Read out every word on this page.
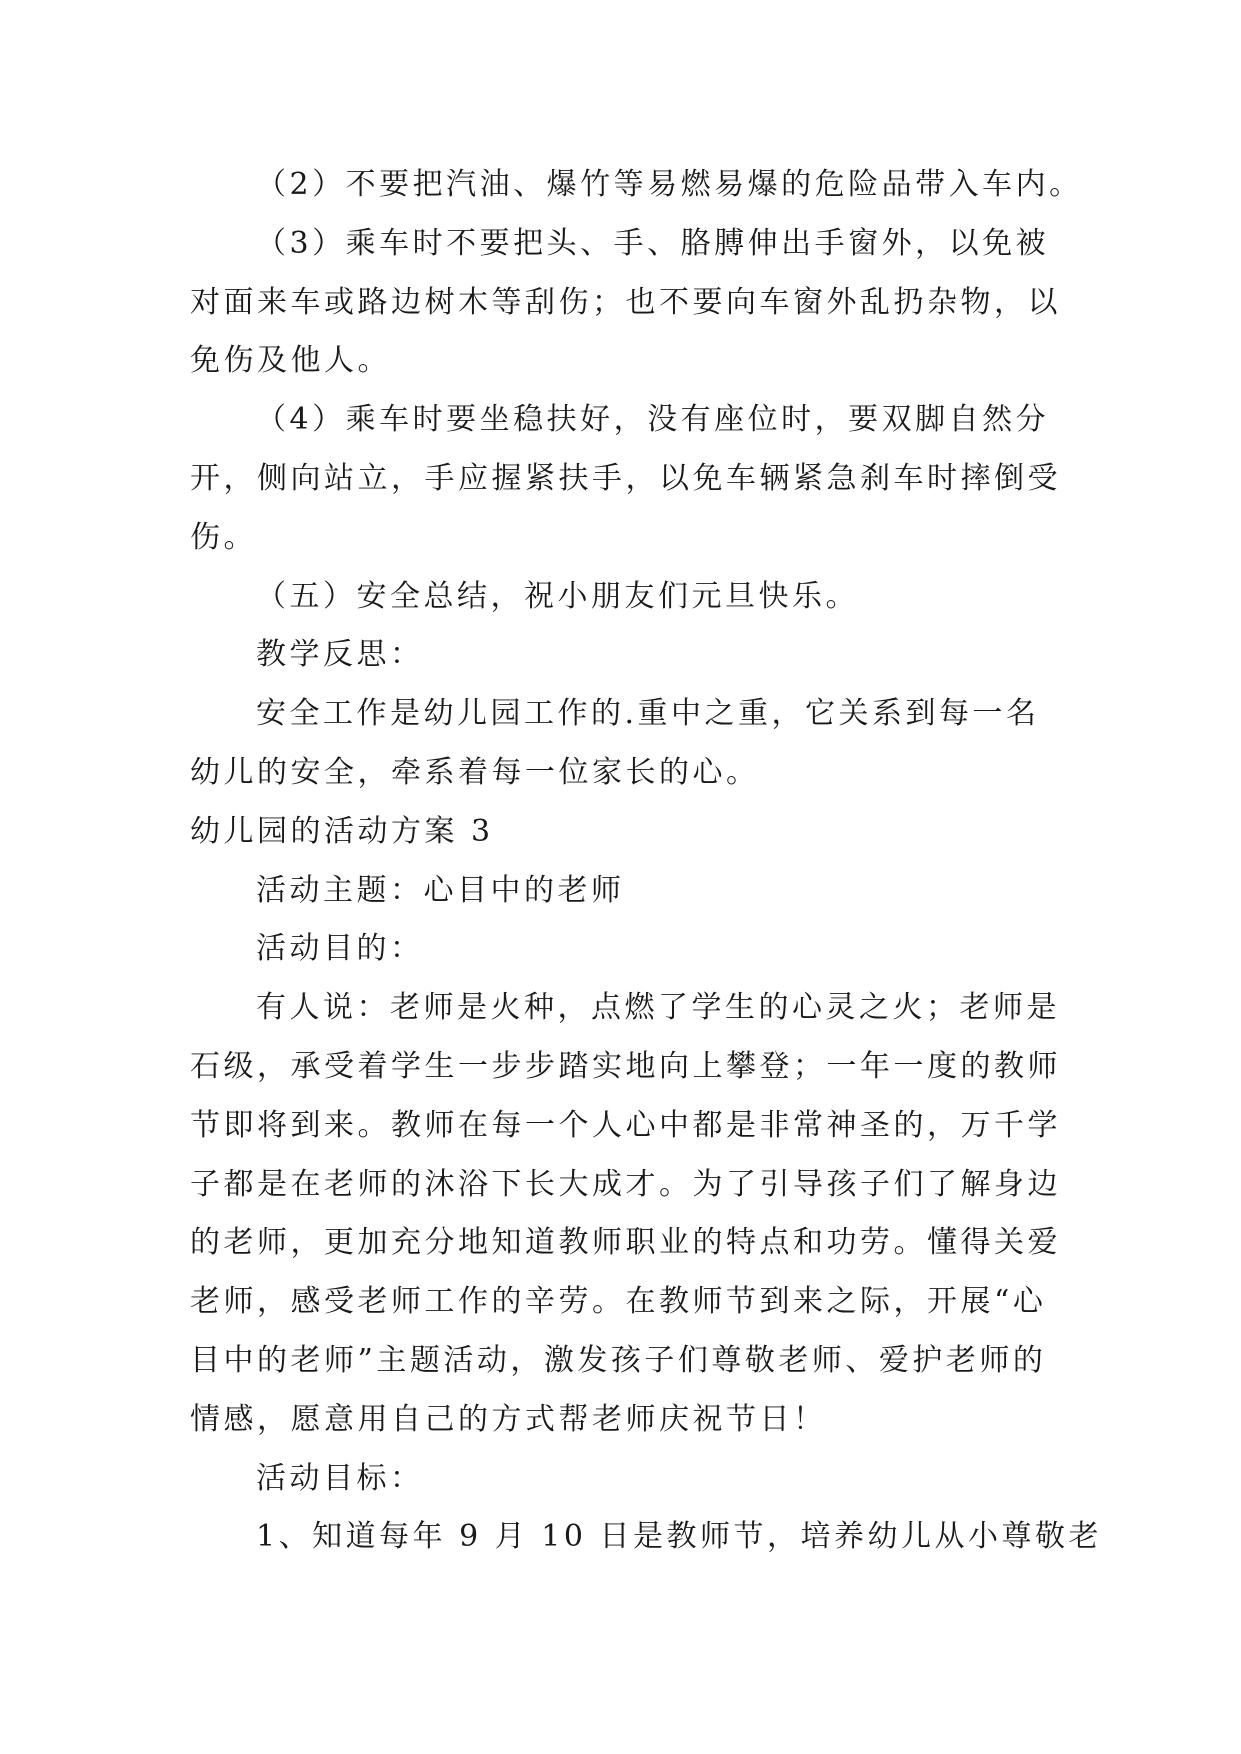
（2）不要把汽油、爆竹等易燃易爆的危险品带入车内。
（3）乘车时不要把头、手、胳膊伸出手窗外，以免被
对面来车或路边树木等刮伤；也不要向车窗外乱扔杂物，以
免伤及他人。
（4）乘车时要坐稳扶好，没有座位时，要双脚自然分
开，侧向站立，手应握紧扶手，以免车辆紧急刹车时摔倒受
伤。
（五）安全总结，祝小朋友们元旦快乐。
教学反思：
安全工作是幼儿园工作的.重中之重，它关系到每一名
幼儿的安全，牵系着每一位家长的心。
幼儿园的活动方案 3
活动主题：心目中的老师
活动目的：
有人说：老师是火种，点燃了学生的心灵之火；老师是
石级，承受着学生一步步踏实地向上攀登；一年一度的教师
节即将到来。教师在每一个人心中都是非常神圣的，万千学
子都是在老师的沐浴下长大成才。为了引导孩子们了解身边
的老师，更加充分地知道教师职业的特点和功劳。懂得关爱
老师，感受老师工作的辛劳。在教师节到来之际，开展“心
目中的老师”主题活动，激发孩子们尊敬老师、爱护老师的
情感，愿意用自己的方式帮老师庆祝节日！
活动目标：
1、知道每年 9 月 10 日是教师节，培养幼儿从小尊敬老
